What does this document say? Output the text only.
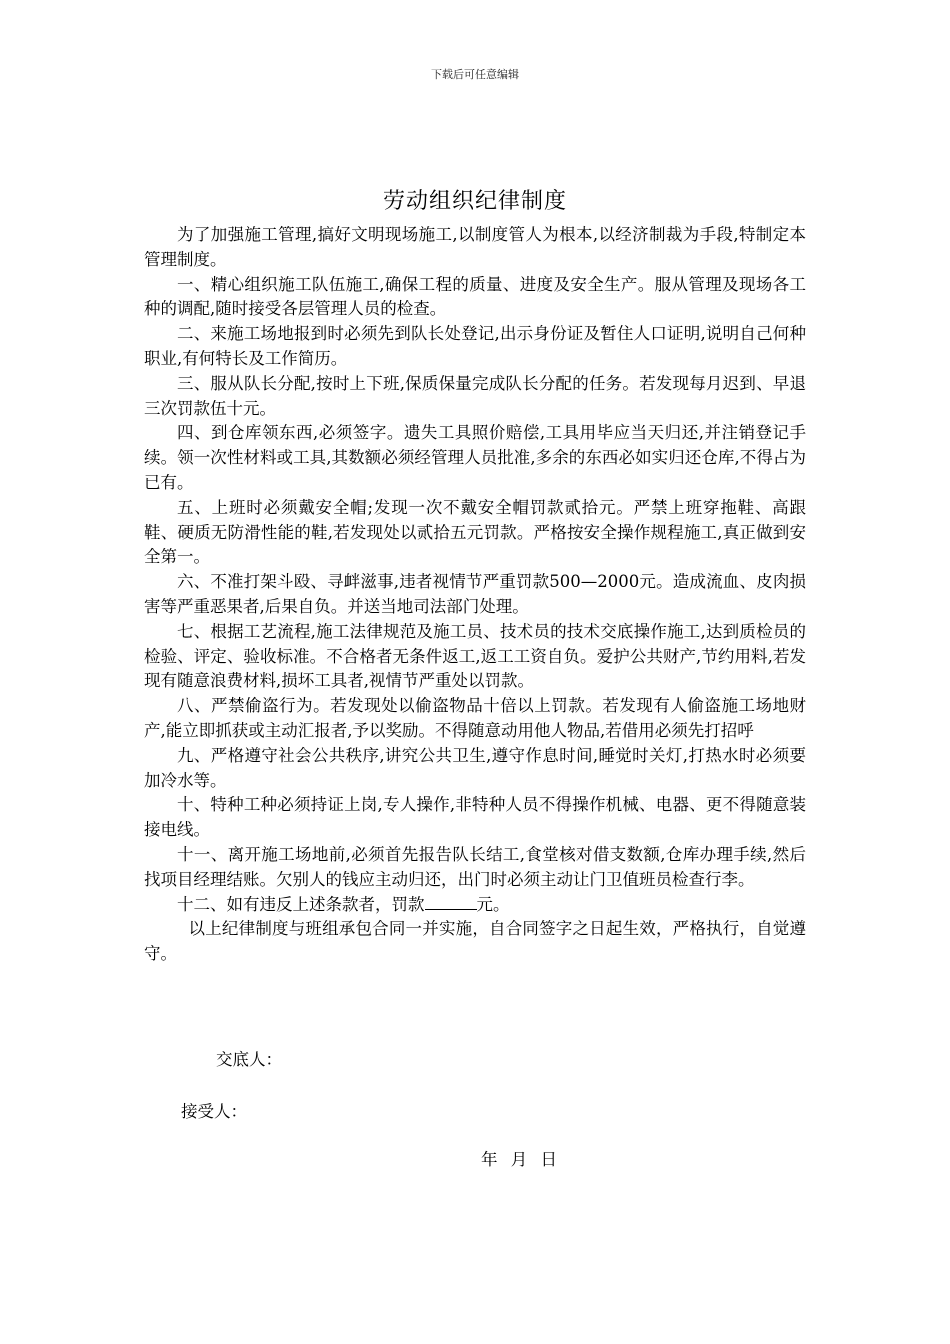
下载后可任意编辑
劳动组织纪律制度

为了加强施工管理,搞好文明现场施工,以制度管人为根本,以经济制裁为手段,特制定本管理制度。

一、精心组织施工队伍施工,确保工程的质量、进度及安全生产。服从管理及现场各工种的调配,随时接受各层管理人员的检查。

二、来施工场地报到时必须先到队长处登记,出示身份证及暂住人口证明,说明自己何种职业,有何特长及工作简历。

三、服从队长分配,按时上下班,保质保量完成队长分配的任务。若发现每月迟到、早退三次罚款伍十元。

四、到仓库领东西,必须签字。遗失工具照价赔偿,工具用毕应当天归还,并注销登记手续。领一次性材料或工具,其数额必须经管理人员批准,多余的东西必如实归还仓库,不得占为已有。

五、上班时必须戴安全帽;发现一次不戴安全帽罚款贰拾元。严禁上班穿拖鞋、高跟鞋、硬质无防滑性能的鞋,若发现处以贰拾五元罚款。严格按安全操作规程施工,真正做到安全第一。

六、不准打架斗殴、寻衅滋事,违者视情节严重罚款500—2000元。造成流血、皮肉损害等严重恶果者,后果自负。并送当地司法部门处理。

七、根据工艺流程,施工法律规范及施工员、技术员的技术交底操作施工,达到质检员的检验、评定、验收标准。不合格者无条件返工,返工工资自负。爱护公共财产,节约用料,若发现有随意浪费材料,损坏工具者,视情节严重处以罚款。

八、严禁偷盗行为。若发现处以偷盗物品十倍以上罚款。若发现有人偷盗施工场地财产,能立即抓获或主动汇报者,予以奖励。不得随意动用他人物品,若借用必须先打招呼

九、严格遵守社会公共秩序,讲究公共卫生,遵守作息时间,睡觉时关灯,打热水时必须要加冷水等。

十、特种工种必须持证上岗,专人操作,非特种人员不得操作机械、电器、更不得随意装接电线。

十一、离开施工场地前,必须首先报告队长结工,食堂核对借支数额,仓库办理手续,然后找项目经理结账。欠别人的钱应主动归还，出门时必须主动让门卫值班员检查行李。

十二、如有违反上述条款者，罚款	元。

以上纪律制度与班组承包合同一并实施，自合同签字之日起生效，严格执行，自觉遵守。

交底人：
接受人：
年 月 日
